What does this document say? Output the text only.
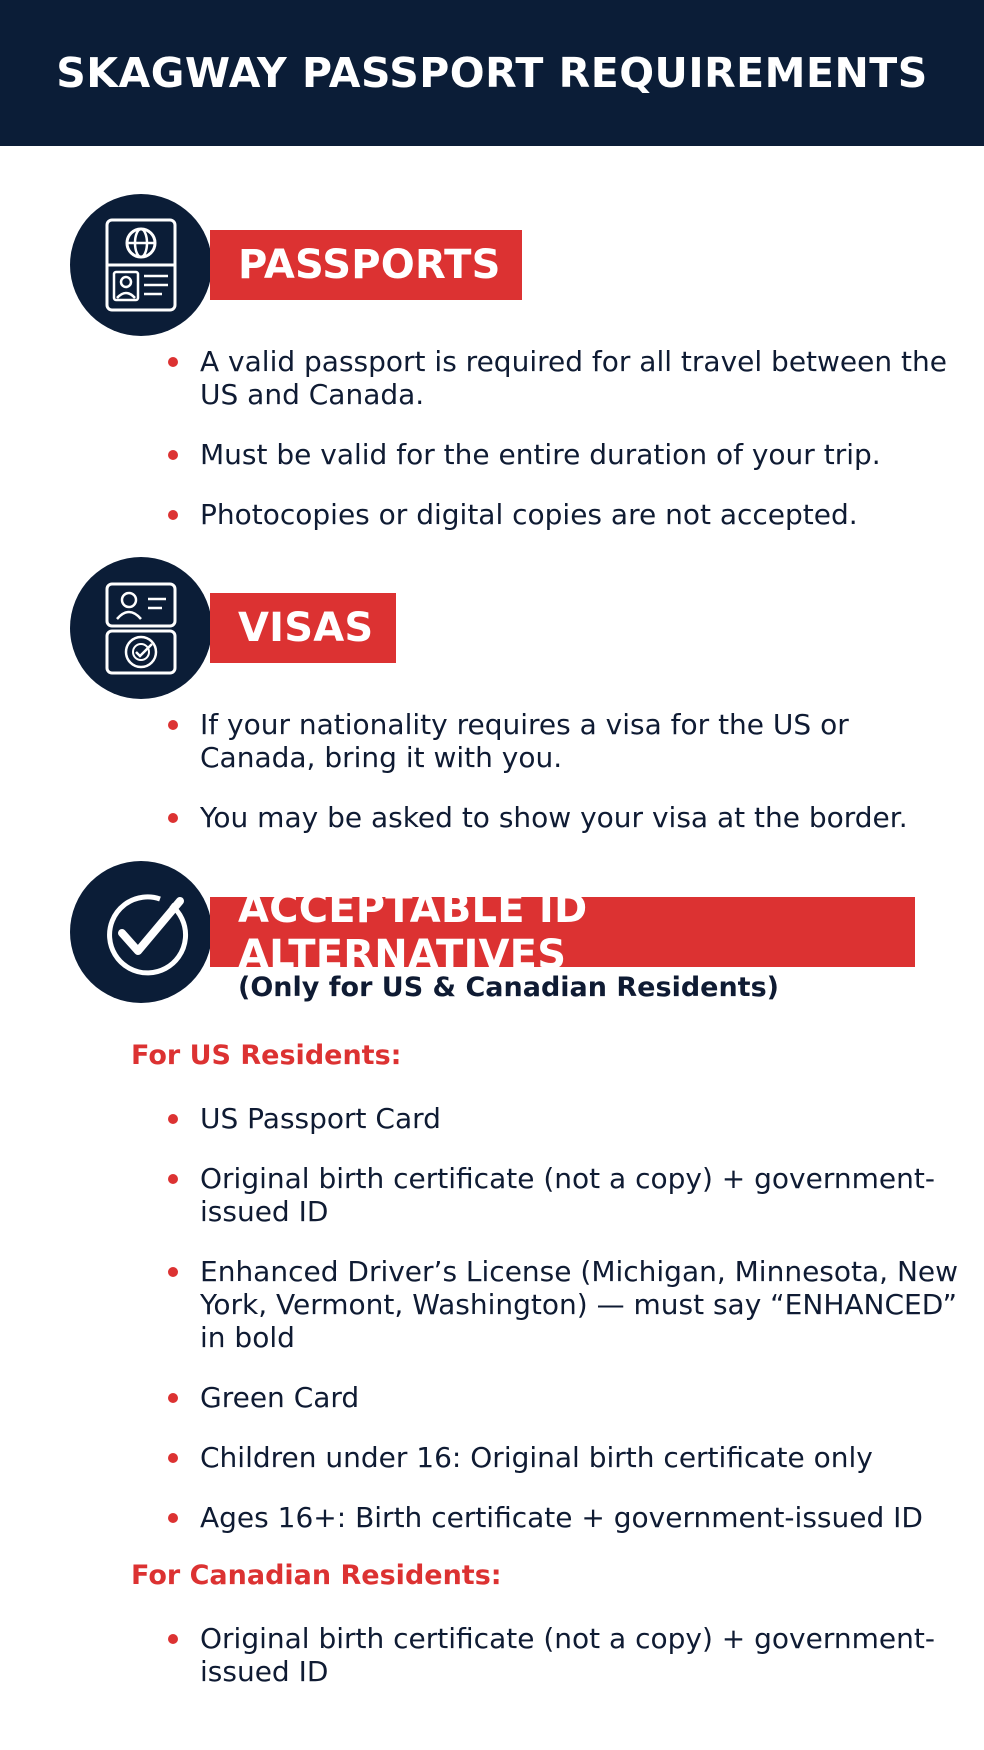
SKAGWAY PASSPORT REQUIREMENTS
PASSPORTS
A valid passport is required for all travel between the US and Canada.
Must be valid for the entire duration of your trip.
Photocopies or digital copies are not accepted.
VISAS
If your nationality requires a visa for the US or Canada, bring it with you.
You may be asked to show your visa at the border.
ACCEPTABLE ID ALTERNATIVES
(Only for US & Canadian Residents)
For US Residents:
US Passport Card
Original birth certificate (not a copy) + government-issued ID
Enhanced Driver’s License (Michigan, Minnesota, New York, Vermont, Washington) — must say “ENHANCED” in bold
Green Card
Children under 16: Original birth certificate only
Ages 16+: Birth certificate + government-issued ID
For Canadian Residents:
Original birth certificate (not a copy) + government-issued ID
